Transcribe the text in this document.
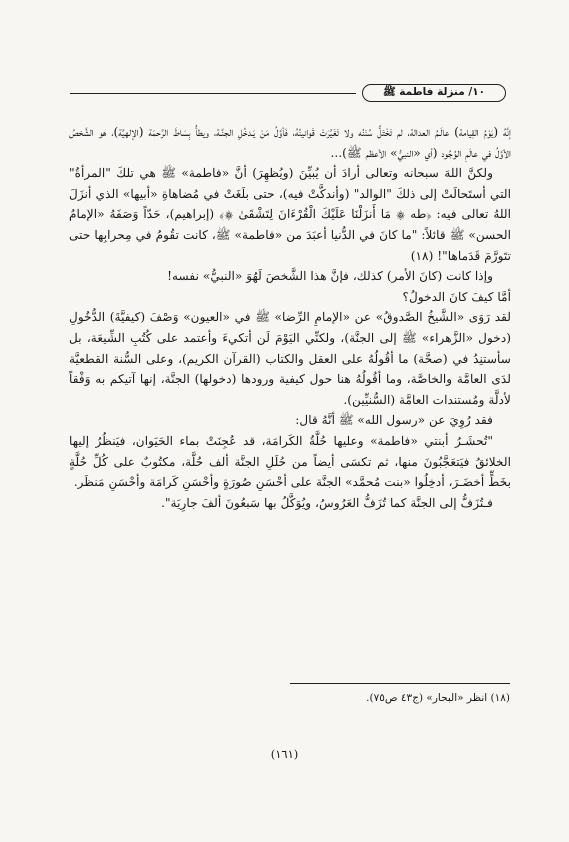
١٠/ منزلة فاطمة ﷺ

إنَّهُ (يَوْمُ القِيامة) عالَـمُ العدالة، لم تَخْتَلُّ سُنَنُه ولا تَغَيَّرَتْ قَوانينُهُ، فَأوَّلُ مَنْ يَـدخُلِ الجنَّـة، ويطأُ بِسَاطَ الرَّحمَة (الإلهيَّة)، هو الشَّخصُ الأوَّلُ في عالَمِ الوُجُود (أي «النبيُّ» الأعظم ﷺ)...

ولكنَّ اللهَ سبحانه وتعالى أرادَ أن يُبيِّنَ (ويُظهِرَ) أنَّ «فاطمة» ﷺ هي تلكَ "المرأةُ" التي أستَحالَتْ إلى ذلكَ "الوالد" (وأندكَّتْ فيه)، حتى بلَغَتْ في مُضاهاةِ «أبيها» الذي أنزَلَ اللهُ تعالى فيه: ﴿طه ۞ مَا أَنزَلْنَا عَلَيْكَ الْقُرْءَانَ لِتَشْقَىٰ ۞﴾ (إبراهيم)، حَدّاً وَصَفَهُ «الإمامُ الحسن» ﷺ قائلاً: "ما كانَ في الدُّنيا أعبَدَ من «فاطمة» ﷺ، كانت تقُومُ في مِحرابِها حتى تتَورَّمَ قَدَماها"! (١٨)

وإذا كانت (كانَ الأمر) كذلك، فإنَّ هذا الشَّخصَ لَهُوَ «النبيُّ» نفسه!

أمَّا كيفَ كانَ الدخولُ؟

لقد رَوَى «الشَّيخُ الصَّدوقُ» عن «الإمامِ الرِّضا» ﷺ في «العيون» وَصْفَ (كيفيَّةَ) الدُّخُولِ (دخول «الزَّهراء» ﷺ إلى الجنَّة)، ولكنِّي اليَوْمَ لَن أتكيءَ وأعتمد على كُتُبِ الشِّيعَة، بل سأستنِدُ في (صحَّة) ما أقُولُهُ على العقل والكتاب (القرآن الكريم)، وعلى السُّنة القطعيَّة لدَى العامَّة والخاصَّة، وما أقُولُهُ هنا حول كيفية ورودها (دخولها) الجنَّة، إنها آتيكم به وَفْقاً لأدلَّة ومُستندات العامَّة (السُّنيِّين).

فقد رُوِيَ عن «رسول الله» ﷺ أنَّهُ قال:

"تُحشَـرُ أبنتي «فاطمة» وعليها حُلَّةُ الكَرامَة، قد عُجِنَتْ بماء الحَيَوان، فيَنظُرُ إليها الخلائقُ فيَتعَجَّبُونَ منها، ثم تكسَى أيضاً من حُلَلِ الجنَّة ألف حُلَّة، مكتُوبٌ على كُلِّ حُلَّةٍ بخَطٍّ أخضَـرَ، أدخِلُوا «بنت مُحمَّد» الجنَّة على أحْسَنِ صُورَةٍ وأحْسَنِ كَرامَة وأحْسَنِ مَنظَر.

فـتُزَفُّ إلى الجنَّة كما تُزَفُّ العَرُوسُ، ويُوَكَّلُ بها سَبعُونَ ألفَ جارِيَة".

(١٨) انظر «البحار» (ج٤٣ ص٧٥).
(١٦١)
